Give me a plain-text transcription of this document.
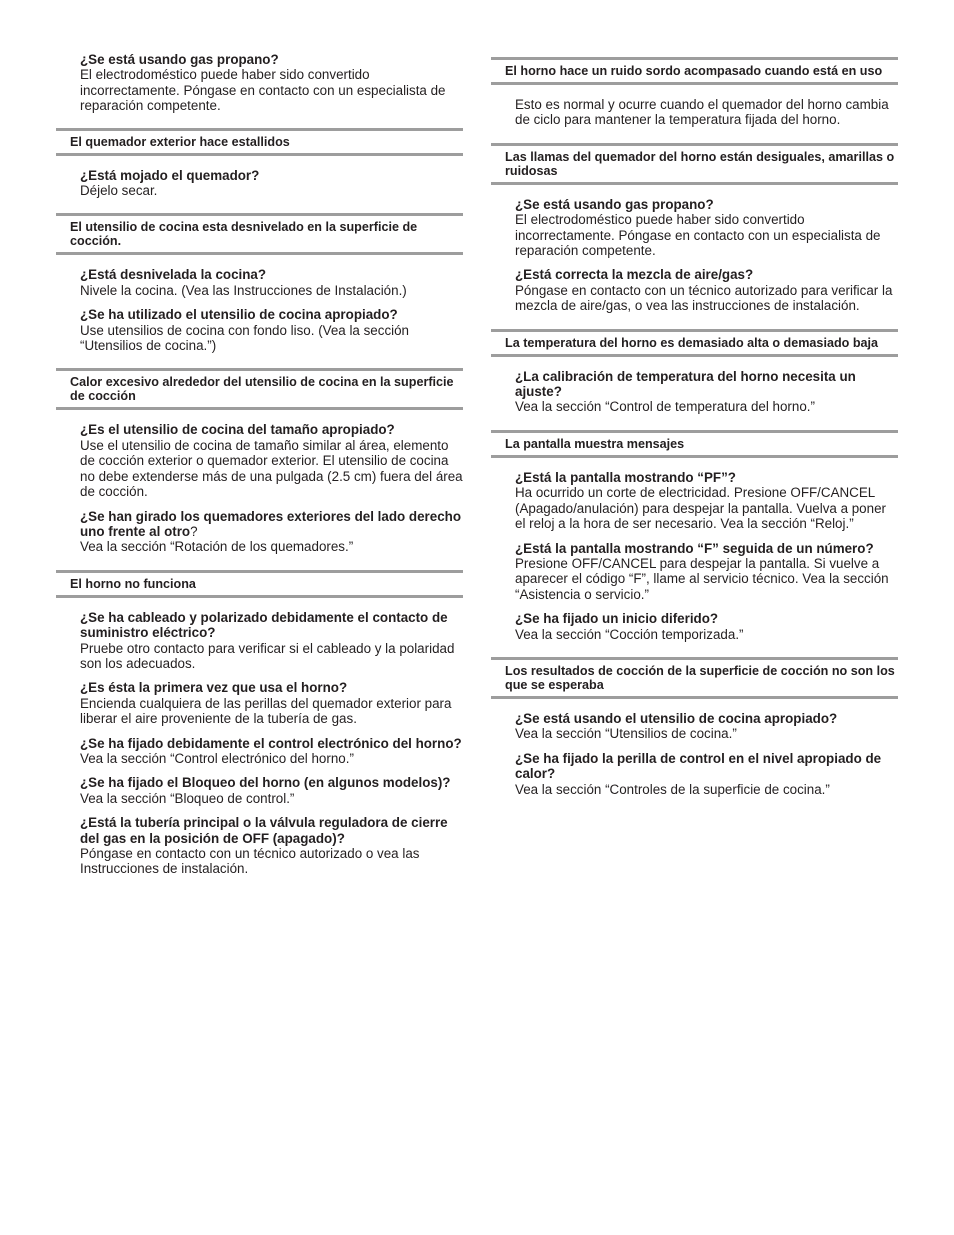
¿Se está usando gas propano?
El electrodoméstico puede haber sido convertido incorrectamente. Póngase en contacto con un especialista de reparación competente.
El quemador exterior hace estallidos
¿Está mojado el quemador?
Déjelo secar.
El utensilio de cocina esta desnivelado en la superficie de cocción.
¿Está desnivelada la cocina?
Nivele la cocina. (Vea las Instrucciones de Instalación.)
¿Se ha utilizado el utensilio de cocina apropiado?
Use utensilios de cocina con fondo liso. (Vea la sección “Utensilios de cocina.”)
Calor excesivo alrededor del utensilio de cocina en la superficie de cocción
¿Es el utensilio de cocina del tamaño apropiado?
Use el utensilio de cocina de tamaño similar al área, elemento de cocción exterior o quemador exterior. El utensilio de cocina no debe extenderse más de una pulgada (2.5 cm) fuera del área de cocción.
¿Se han girado los quemadores exteriores del lado derecho uno frente al otro?
Vea la sección “Rotación de los quemadores.”
El horno no funciona
¿Se ha cableado y polarizado debidamente el contacto de suministro eléctrico?
Pruebe otro contacto para verificar si el cableado y la polaridad son los adecuados.
¿Es ésta la primera vez que usa el horno?
Encienda cualquiera de las perillas del quemador exterior para liberar el aire proveniente de la tubería de gas.
¿Se ha fijado debidamente el control electrónico del horno?
Vea la sección “Control electrónico del horno.”
¿Se ha fijado el Bloqueo del horno (en algunos modelos)?
Vea la sección “Bloqueo de control.”
¿Está la tubería principal o la válvula reguladora de cierre del gas en la posición de OFF (apagado)?
Póngase en contacto con un técnico autorizado o vea las Instrucciones de instalación.
El horno hace un ruido sordo acompasado cuando está en uso
Esto es normal y ocurre cuando el quemador del horno cambia de ciclo para mantener la temperatura fijada del horno.
Las llamas del quemador del horno están desiguales, amarillas o ruidosas
¿Se está usando gas propano?
El electrodoméstico puede haber sido convertido incorrectamente. Póngase en contacto con un especialista de reparación competente.
¿Está correcta la mezcla de aire/gas?
Póngase en contacto con un técnico autorizado para verificar la mezcla de aire/gas, o vea las instrucciones de instalación.
La temperatura del horno es demasiado alta o demasiado baja
¿La calibración de temperatura del horno necesita un ajuste?
Vea la sección “Control de temperatura del horno.”
La pantalla muestra mensajes
¿Está la pantalla mostrando “PF”?
Ha ocurrido un corte de electricidad. Presione OFF/CANCEL (Apagado/anulación) para despejar la pantalla. Vuelva a poner el reloj a la hora de ser necesario. Vea la sección “Reloj.”
¿Está la pantalla mostrando “F” seguida de un número?
Presione OFF/CANCEL para despejar la pantalla. Si vuelve a aparecer el código “F”, llame al servicio técnico. Vea la sección “Asistencia o servicio.”
¿Se ha fijado un inicio diferido?
Vea la sección “Cocción temporizada.”
Los resultados de cocción de la superficie de cocción no son los que se esperaba
¿Se está usando el utensilio de cocina apropiado?
Vea la sección “Utensilios de cocina.”
¿Se ha fijado la perilla de control en el nivel apropiado de calor?
Vea la sección “Controles de la superficie de cocina.”
